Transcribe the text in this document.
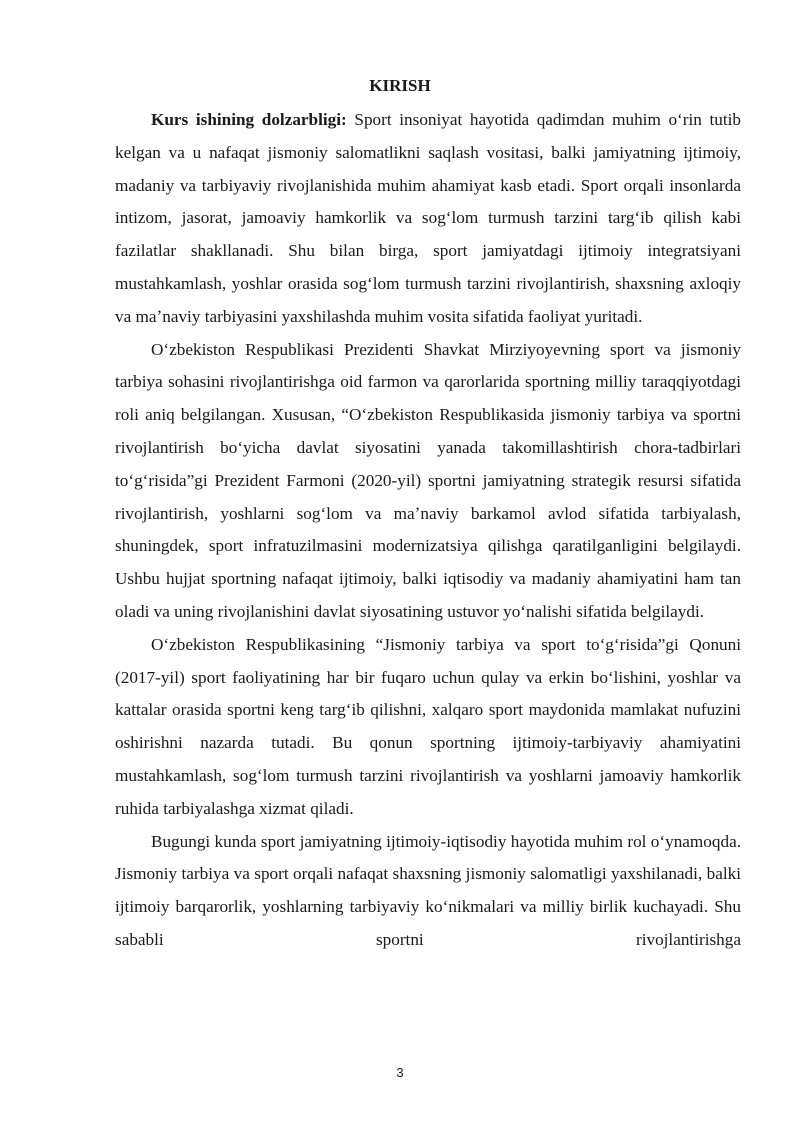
KIRISH

Kurs ishining dolzarbligi: Sport insoniyat hayotida qadimdan muhim oʻrin tutib kelgan va u nafaqat jismoniy salomatlikni saqlash vositasi, balki jamiyatning ijtimoiy, madaniy va tarbiyaviy rivojlanishida muhim ahamiyat kasb etadi. Sport orqali insonlarda intizom, jasorat, jamoaviy hamkorlik va sogʻlom turmush tarzini targʻib qilish kabi fazilatlar shakllanadi. Shu bilan birga, sport jamiyatdagi ijtimoiy integratsiyani mustahkamlash, yoshlar orasida sogʻlom turmush tarzini rivojlantirish, shaxsning axloqiy va maʼnaviy tarbiyasini yaxshilashda muhim vosita sifatida faoliyat yuritadi.

Oʻzbekiston Respublikasi Prezidenti Shavkat Mirziyoyevning sport va jismoniy tarbiya sohasini rivojlantirishga oid farmon va qarorlarida sportning milliy taraqqiyotdagi roli aniq belgilangan. Xususan, “Oʻzbekiston Respublikasida jismoniy tarbiya va sportni rivojlantirish boʻyicha davlat siyosatini yanada takomillashtirish chora-tadbirlari toʻgʻrisida”gi Prezident Farmoni (2020-yil) sportni jamiyatning strategik resursi sifatida rivojlantirish, yoshlarni sogʻlom va maʼnaviy barkamol avlod sifatida tarbiyalash, shuningdek, sport infratuzilmasini modernizatsiya qilishga qaratilganligini belgilaydi. Ushbu hujjat sportning nafaqat ijtimoiy, balki iqtisodiy va madaniy ahamiyatini ham tan oladi va uning rivojlanishini davlat siyosatining ustuvor yoʻnalishi sifatida belgilaydi.

Oʻzbekiston Respublikasining “Jismoniy tarbiya va sport toʻgʻrisida”gi Qonuni (2017-yil) sport faoliyatining har bir fuqaro uchun qulay va erkin boʻlishini, yoshlar va kattalar orasida sportni keng targʻib qilishni, xalqaro sport maydonida mamlakat nufuzini oshirishni nazarda tutadi. Bu qonun sportning ijtimoiy-tarbiyaviy ahamiyatini mustahkamlash, sogʻlom turmush tarzini rivojlantirish va yoshlarni jamoaviy hamkorlik ruhida tarbiyalashga xizmat qiladi.

Bugungi kunda sport jamiyatning ijtimoiy-iqtisodiy hayotida muhim rol oʻynamoqda. Jismoniy tarbiya va sport orqali nafaqat shaxsning jismoniy salomatligi yaxshilanadi, balki ijtimoiy barqarorlik, yoshlarning tarbiyaviy koʻnikmalari va milliy birlik kuchayadi. Shu sababli sportni rivojlantirishga

3
